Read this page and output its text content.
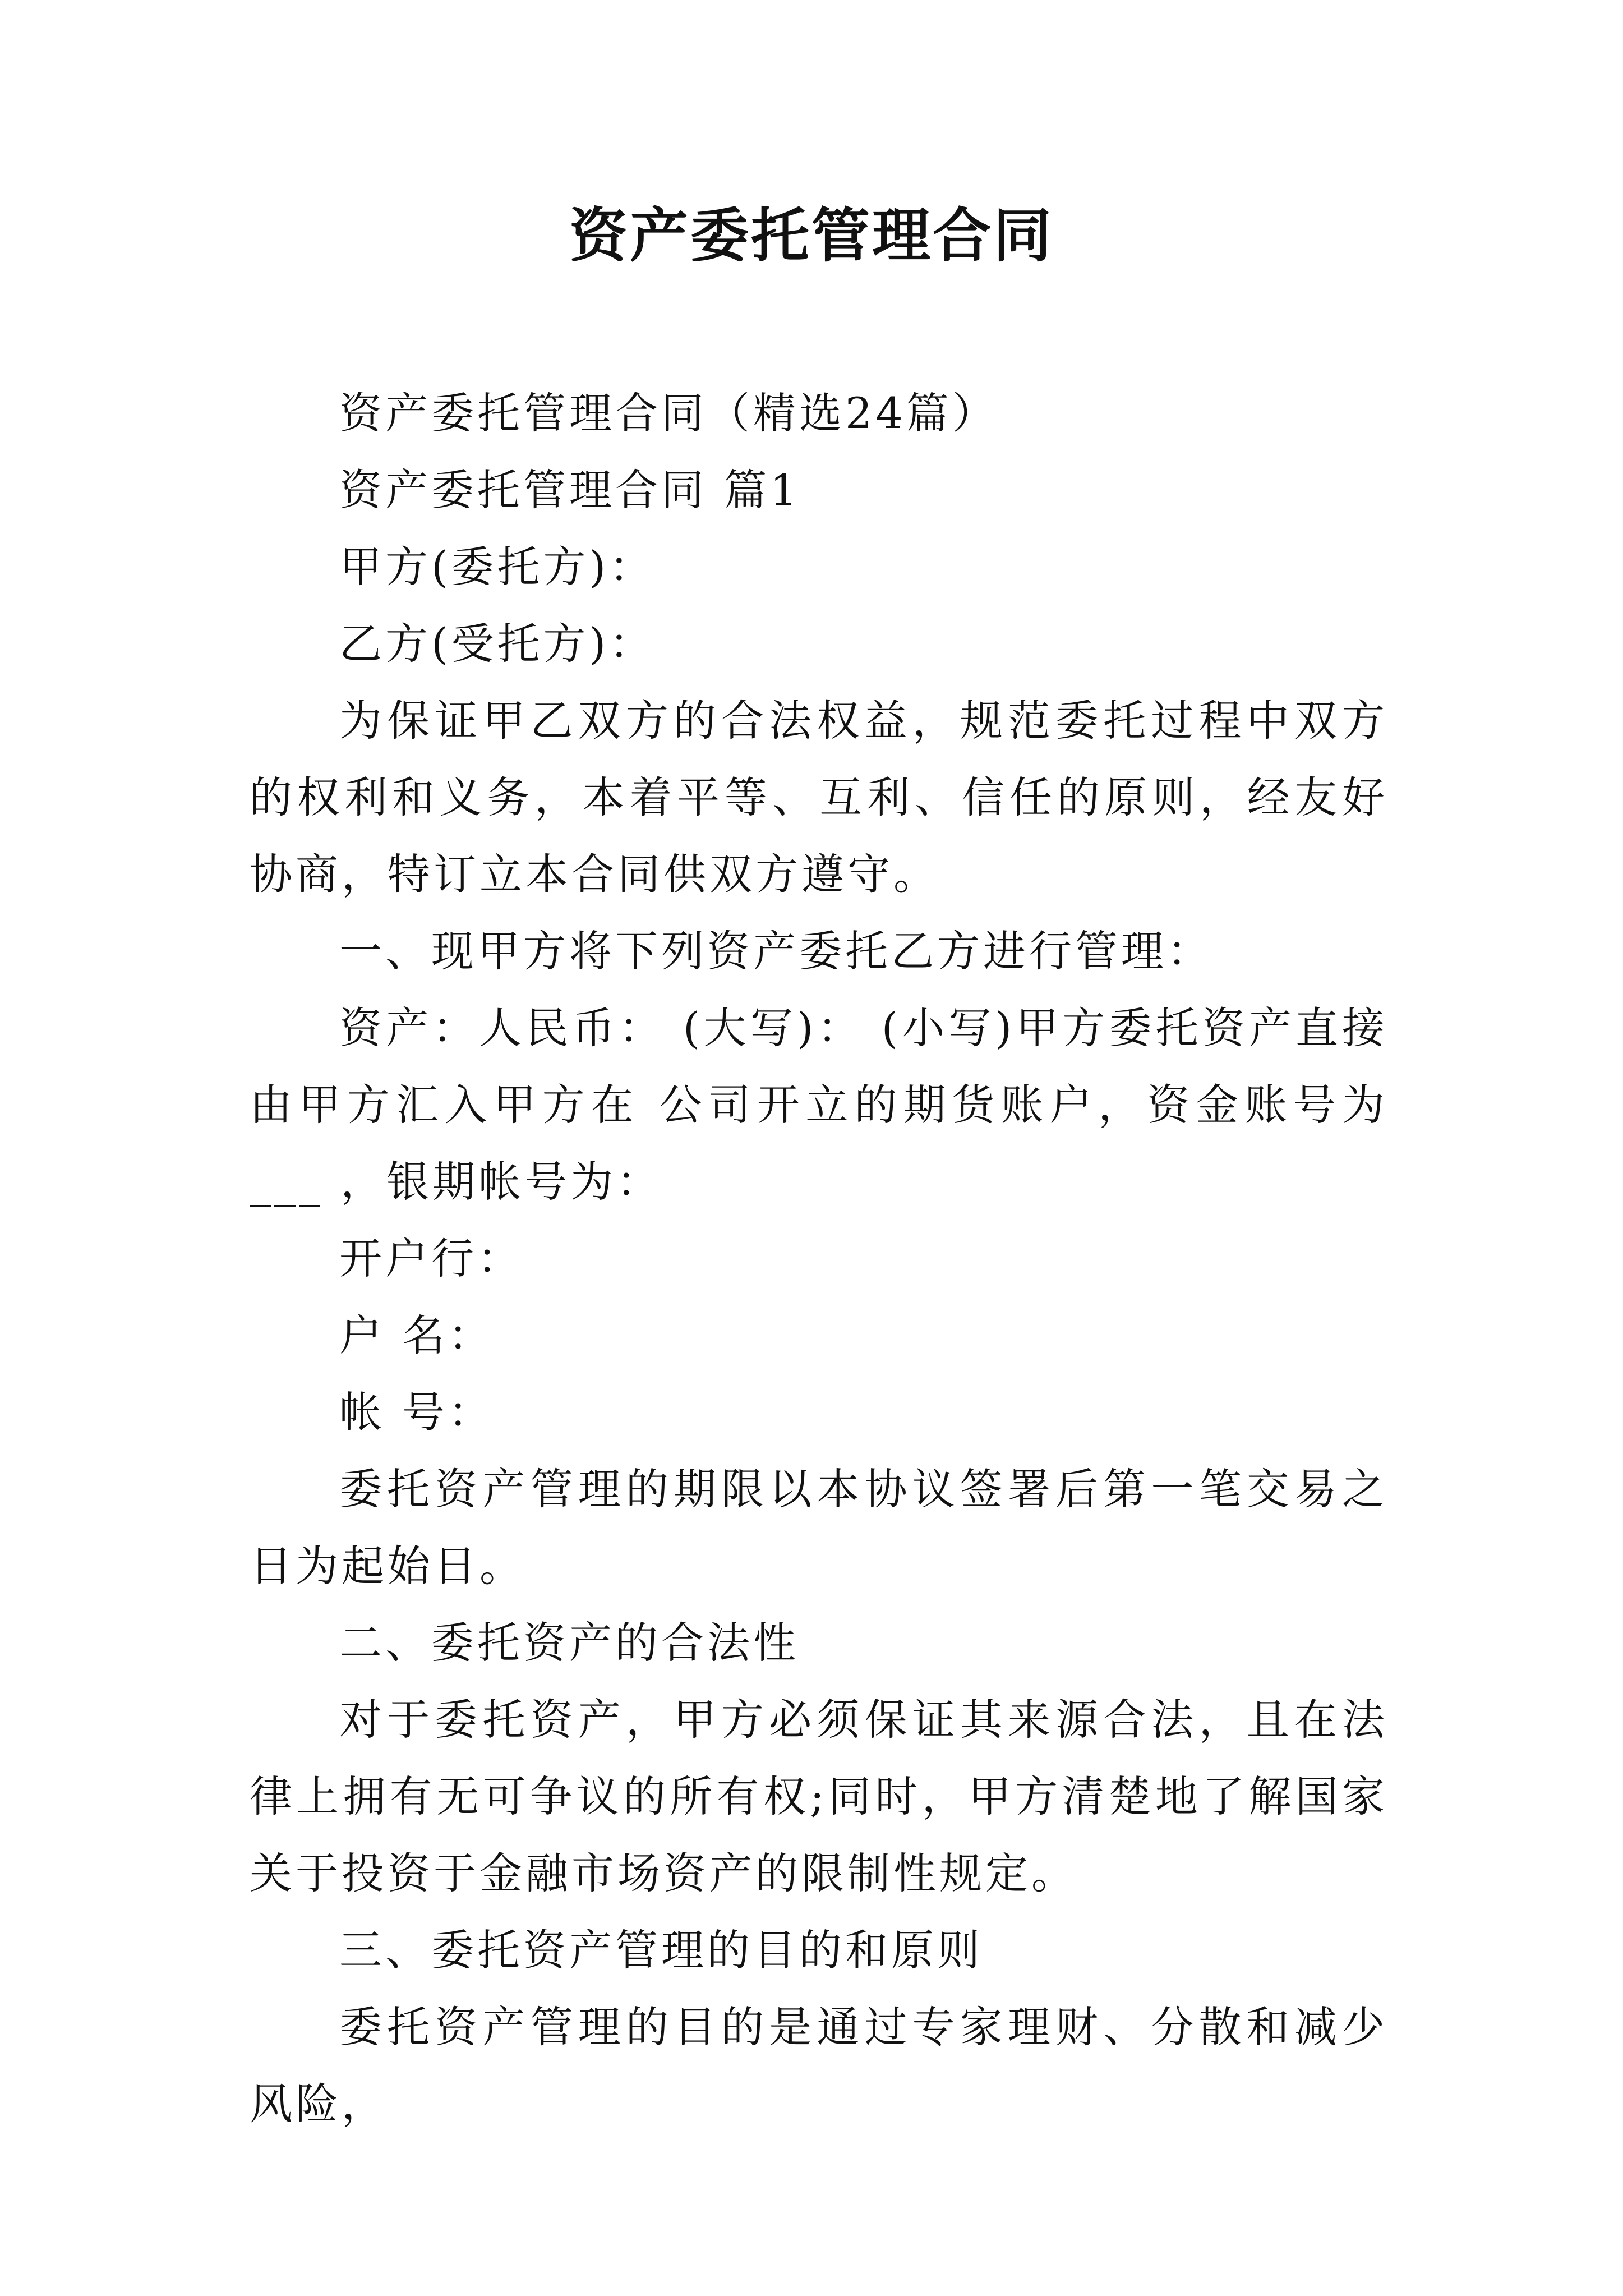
资产委托管理合同

资产委托管理合同（精选24篇）

资产委托管理合同 篇1

甲方(委托方)：

乙方(受托方)：

为保证甲乙双方的合法权益，规范委托过程中双方的权利和义务，本着平等、互利、信任的原则，经友好协商，特订立本合同供双方遵守。

一、现甲方将下列资产委托乙方进行管理：

资产：人民币： (大写)： (小写)甲方委托资产直接由甲方汇入甲方在 公司开立的期货账户，资金账号为___ ，银期帐号为：

开户行：

户 名：

帐 号：

委托资产管理的期限以本协议签署后第一笔交易之日为起始日。

二、委托资产的合法性

对于委托资产，甲方必须保证其来源合法，且在法律上拥有无可争议的所有权;同时，甲方清楚地了解国家关于投资于金融市场资产的限制性规定。

三、委托资产管理的目的和原则

委托资产管理的目的是通过专家理财、分散和减少风险，
